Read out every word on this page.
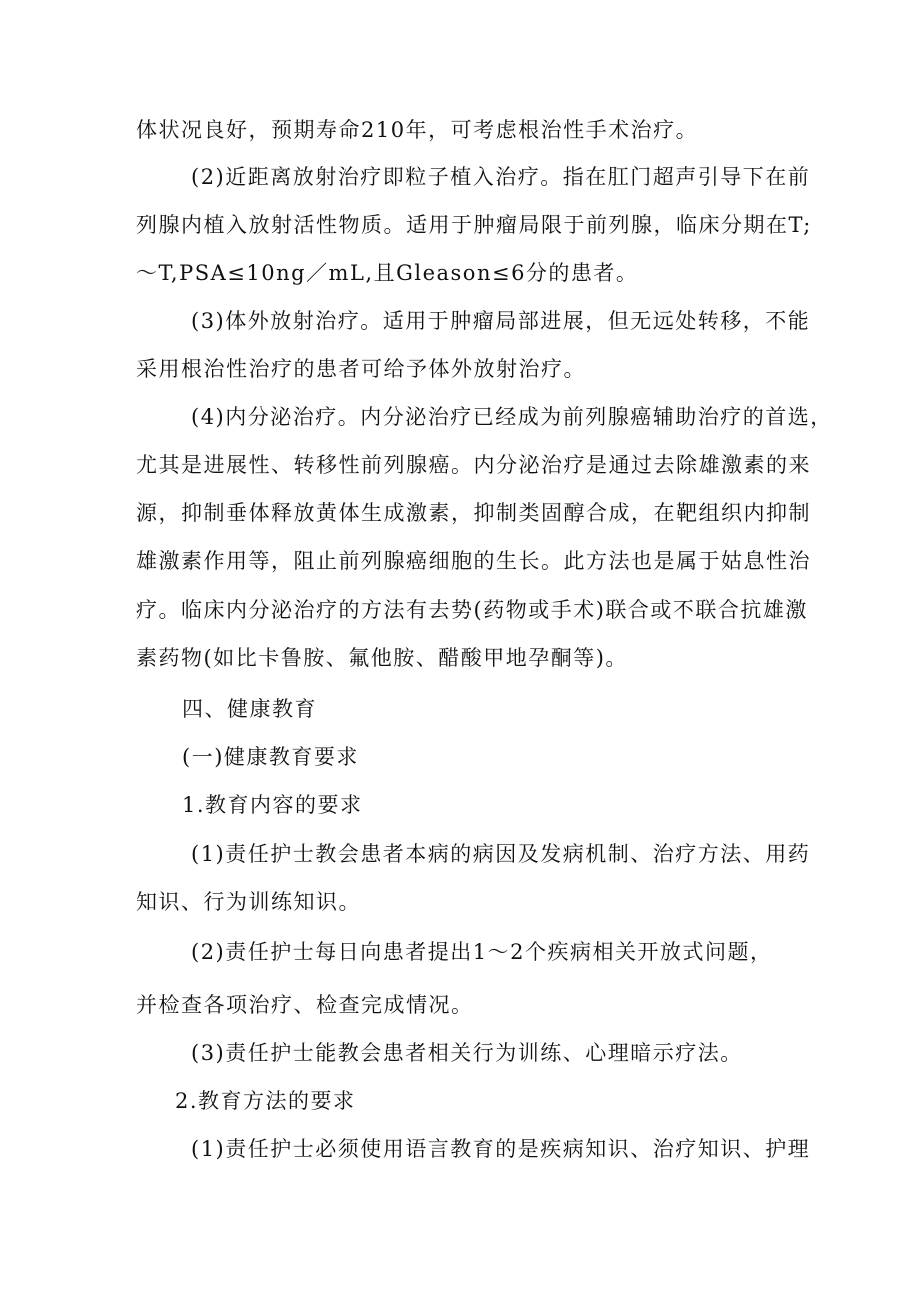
体状况良好，预期寿命210年，可考虑根治性手术治疗。
(2)近距离放射治疗即粒子植入治疗。指在肛门超声引导下在前
列腺内植入放射活性物质。适用于肿瘤局限于前列腺，临床分期在T;
～T,PSA≤10ng／mL,且Gleason≤6分的患者。
(3)体外放射治疗。适用于肿瘤局部进展，但无远处转移，不能
采用根治性治疗的患者可给予体外放射治疗。
(4)内分泌治疗。内分泌治疗已经成为前列腺癌辅助治疗的首选，
尤其是进展性、转移性前列腺癌。内分泌治疗是通过去除雄激素的来
源，抑制垂体释放黄体生成激素，抑制类固醇合成，在靶组织内抑制
雄激素作用等，阻止前列腺癌细胞的生长。此方法也是属于姑息性治
疗。临床内分泌治疗的方法有去势(药物或手术)联合或不联合抗雄激
素药物(如比卡鲁胺、氟他胺、醋酸甲地孕酮等)。
四、健康教育
(一)健康教育要求
1.教育内容的要求
(1)责任护士教会患者本病的病因及发病机制、治疗方法、用药
知识、行为训练知识。
(2)责任护士每日向患者提出1～2个疾病相关开放式问题，
并检查各项治疗、检查完成情况。
(3)责任护士能教会患者相关行为训练、心理暗示疗法。
2.教育方法的要求
(1)责任护士必须使用语言教育的是疾病知识、治疗知识、护理
